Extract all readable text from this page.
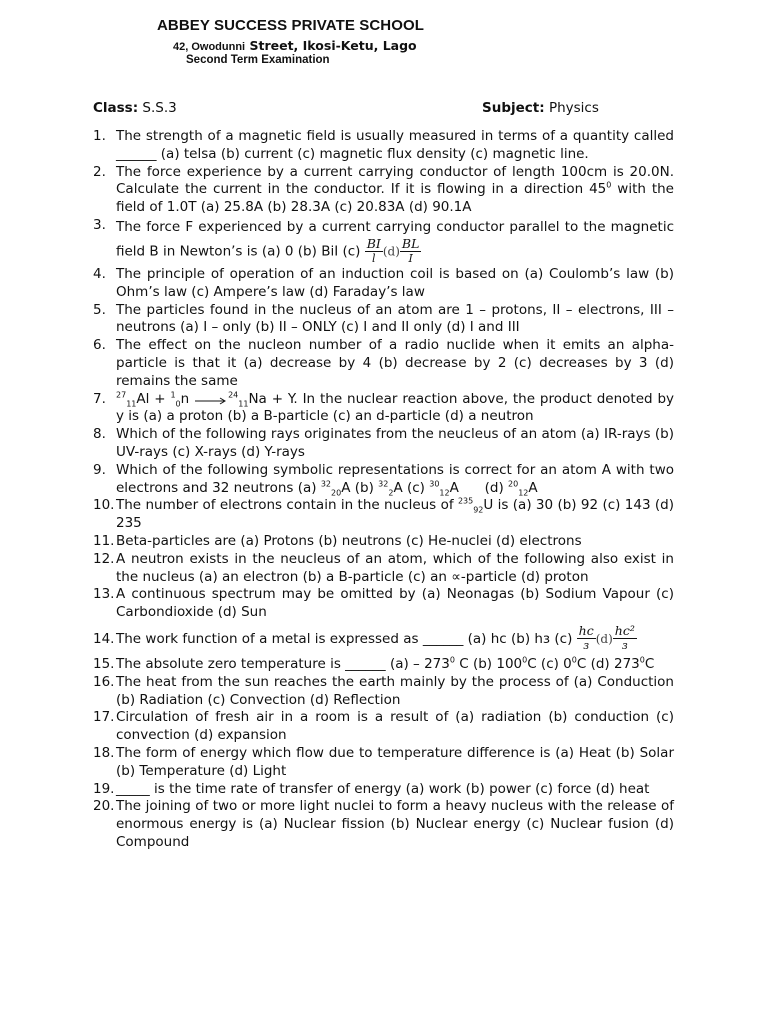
ABBEY SUCCESS PRIVATE SCHOOL
42, Owodunni Street, Ikosi-Ketu, Lago
Second Term Examination
Class: S.S.3	Subject: Physics
1. The strength of a magnetic field is usually measured in terms of a quantity called ______ (a) telsa (b) current (c) magnetic flux density (c) magnetic line.
2. The force experience by a current carrying conductor of length 100cm is 20.0N. Calculate the current in the conductor. If it is flowing in a direction $45^0$ with the field of 1.0T (a) 25.8A (b) 28.3A (c) 20.83A (d) 90.1A
3. The force F experienced by a current carrying conductor parallel to the magnetic field B in Newton’s is (a) 0 (b) BiI $(c) \frac{BI}{l} (d) \frac{BL}{I}$
4. The principle of operation of an induction coil is based on (a) Coulomb’s law (b) Ohm’s law (c) Ampere’s law (d) Faraday’s law
5. The particles found in the nucleus of an atom are 1 – protons, II – electrons, III – neutrons (a) I – only (b) II – ONLY (c) I and II only (d) I and III
6. The effect on the nucleon number of a radio nuclide when it emits an alpha-particle is that it (a) decrease by 4 (b) decrease by 2 (c) decreases by 3 (d) remains the same
7.	$^{27}_{11}$Al + $^1_0$n →$^{24}_{11}$Na + Y. In the nuclear reaction above, the product denoted by y is (a) a proton (b) a B-particle (c) an d-particle (d) a neutron
8. Which of the following rays originates from the neucleus of an atom (a) IR-rays (b) UV-rays (c) X-rays (d) Y-rays
9. Which of the following symbolic representations is correct for an atom A with two electrons and 32 neutrons (a) $^{32}_{20}$A (b) $^{32}_2$A (c) $^{30}_{12}$A      (d) $^{20}_{12}$A
10. The number of electrons contain in the nucleus of $^{235}_{92}$U is (a) 30 (b) 92 (c) 143 (d) 235
11. Beta-particles are (a) Protons (b) neutrons (c) He-nuclei (d) electrons
12. A neutron exists in the neucleus of an atom, which of the following also exist in the nucleus (a) an electron (b) a B-particle (c) an ∝-particle (d) proton
13. A continuous spectrum may be omitted by (a) Neonagas (b) Sodium Vapour (c) Carbondioxide (d) Sun
14. The work function of a metal is expressed as ______ (a) hc (b) hɜ $(c) \frac{hc}{\text{ɜ}} (d) \frac{\text{hc²}}{\text{ɜ}}$
15. The absolute zero temperature is ______ $(a) - 273^0$ C (b) $100^0C$ (c) $0^0C$ (d) $273^0C$
16. The heat from the sun reaches the earth mainly by the process of (a) Conduction (b) Radiation (c) Convection (d) Reflection
17. Circulation of fresh air in a room is a result of (a) radiation (b) conduction (c) convection (d) expansion
18. The form of energy which flow due to temperature difference is (a) Heat (b) Solar (b) Temperature (d) Light
19. _____ is the time rate of transfer of energy (a) work (b) power (c) force (d) heat
20. The joining of two or more light nuclei to form a heavy nucleus with the release of enormous energy is (a) Nuclear fission (b) Nuclear energy (c) Nuclear fusion (d) Compound
